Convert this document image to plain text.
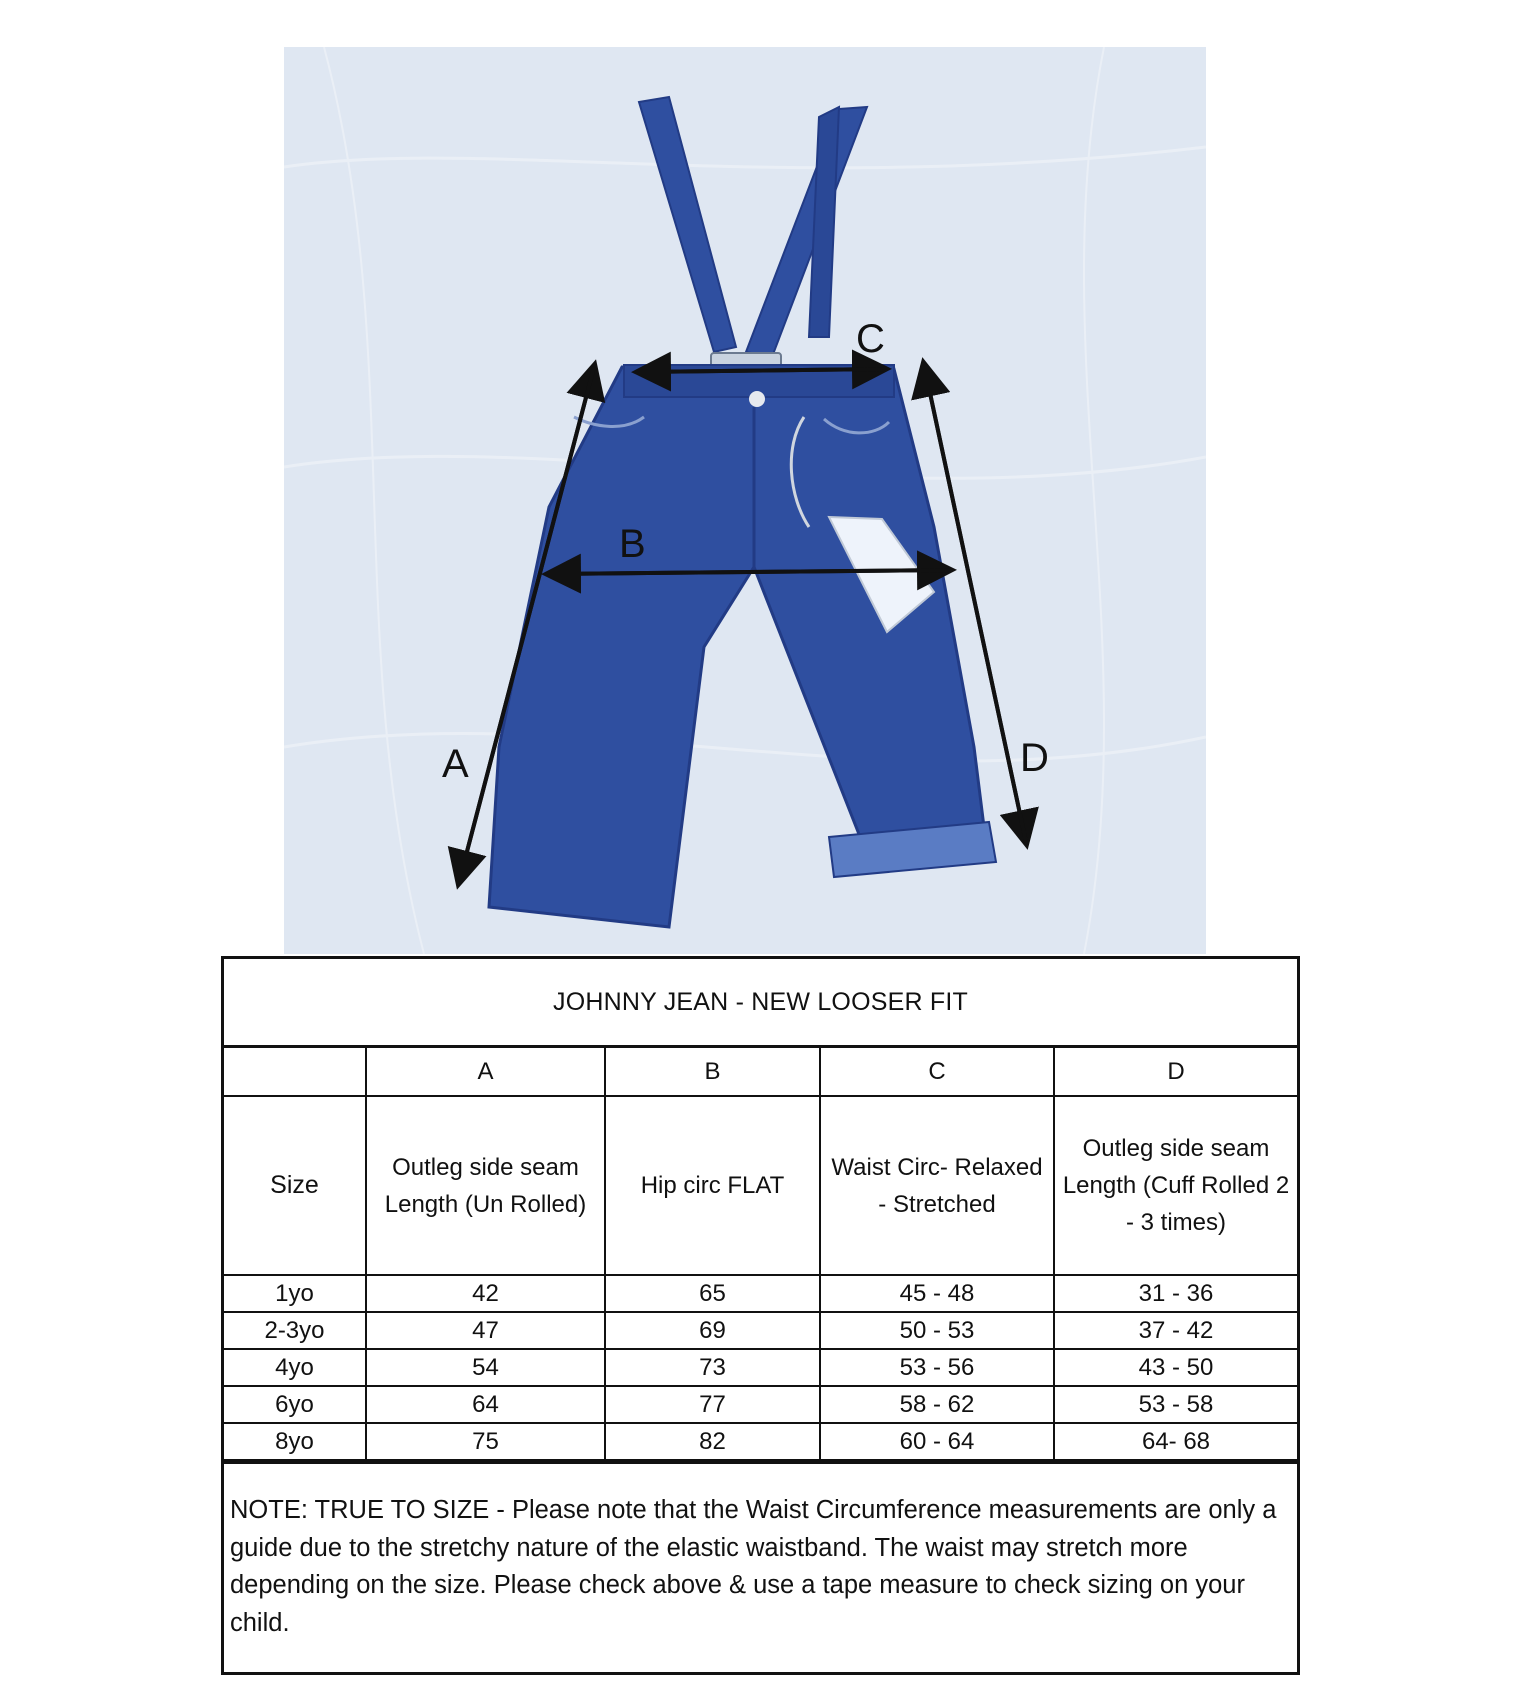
A
B
C
D
JOHNNY JEAN - NEW LOOSER FIT
	A	B	C	D
Size	Outleg side seam Length (Un Rolled)	Hip circ FLAT	Waist Circ- Relaxed - Stretched	Outleg side seam Length (Cuff Rolled 2 - 3 times)
1yo	42	65	45 - 48	31 - 36
2-3yo	47	69	50 - 53	37 - 42
4yo	54	73	53 - 56	43 - 50
6yo	64	77	58 - 62	53 - 58
8yo	75	82	60 - 64	64- 68
NOTE: TRUE TO SIZE - Please note that the Waist Circumference measurements are only a guide due to the stretchy nature of the elastic waistband. The waist may stretch more depending on the size. Please check above & use a tape measure to check sizing on your child.
